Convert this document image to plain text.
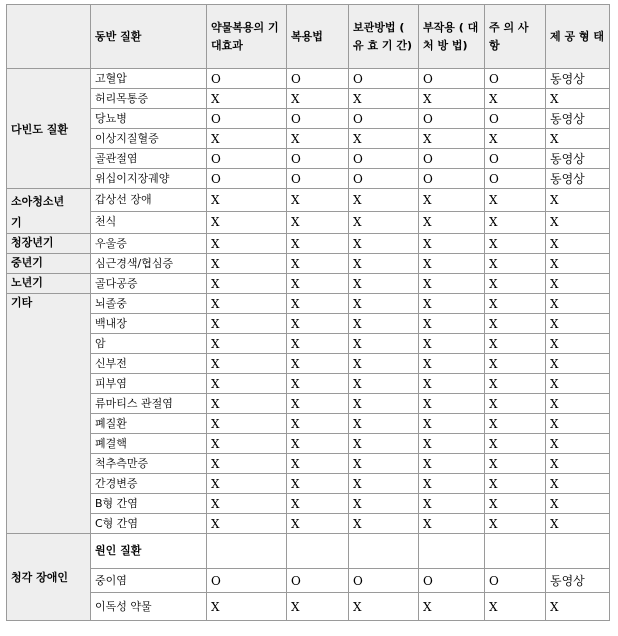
	동반 질환	약물복용의 기대효과	복용법	보관방법 ( 유 효 기 간)	부작용 ( 대 처 방 법)	주 의 사 항	제 공 형 태
다빈도 질환	고혈압	O	O	O	O	O	동영상
	허리목통증	X	X	X	X	X	X
	당뇨병	O	O	O	O	O	동영상
	이상지질혈증	X	X	X	X	X	X
	골관절염	O	O	O	O	O	동영상
	위십이지장궤양	O	O	O	O	O	동영상

소아청소년
기	갑상선 장애	X	X	X	X	X	X
	천식	X	X	X	X	X	X
청장년기	우울증	X	X	X	X	X	X
중년기	심근경색/협심증	X	X	X	X	X	X
노년기	골다공증	X	X	X	X	X	X
기타	뇌졸중	X	X	X	X	X	X
	백내장	X	X	X	X	X	X
	암	X	X	X	X	X	X
	신부전	X	X	X	X	X	X
	피부염	X	X	X	X	X	X
	류마티스 관절염	X	X	X	X	X	X
	폐질환	X	X	X	X	X	X
	폐결핵	X	X	X	X	X	X
	척추측만증	X	X	X	X	X	X
	간경변증	X	X	X	X	X	X
	B형 간염	X	X	X	X	X	X
	C형 간염	X	X	X	X	X	X
청각 장애인	원인 질환						
	중이염	O	O	O	O	O	동영상
	이독성 약물	X	X	X	X	X	X
